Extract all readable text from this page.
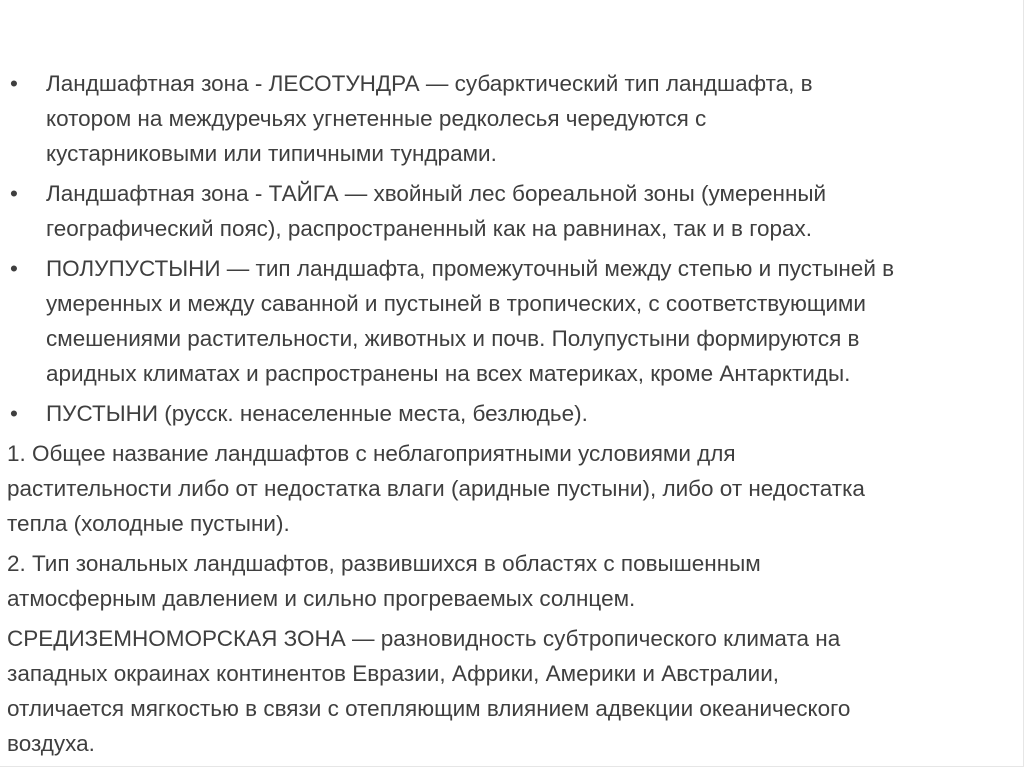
• Ландшафтная зона - ЛЕСОТУНДРА — субарктический тип ландшафта, в
котором на междуречьях угнетенные редколесья чередуются с
кустарниковыми или типичными тундрами.
• Ландшафтная зона - ТАЙГА — хвойный лес бореальной зоны (умеренный
географический пояс), распространенный как на равнинах, так и в горах.
• ПОЛУПУСТЫНИ — тип ландшафта, промежуточный между степью и пустыней в
умеренных и между саванной и пустыней в тропических, с соответствующими
смешениями растительности, животных и почв. Полупустыни формируются в
аридных климатах и распространены на всех материках, кроме Антарктиды.
• ПУСТЫНИ (русск. ненаселенные места, безлюдье).
1. Общее название ландшафтов с неблагоприятными условиями для
растительности либо от недостатка влаги (аридные пустыни), либо от недостатка
тепла (холодные пустыни).
2. Тип зональных ландшафтов, развившихся в областях с повышенным
атмосферным давлением и сильно прогреваемых солнцем.
СРЕДИЗЕМНОМОРСКАЯ ЗОНА — разновидность субтропического климата на
западных окраинах континентов Евразии, Африки, Америки и Австралии,
отличается мягкостью в связи с отепляющим влиянием адвекции океанического
воздуха.
